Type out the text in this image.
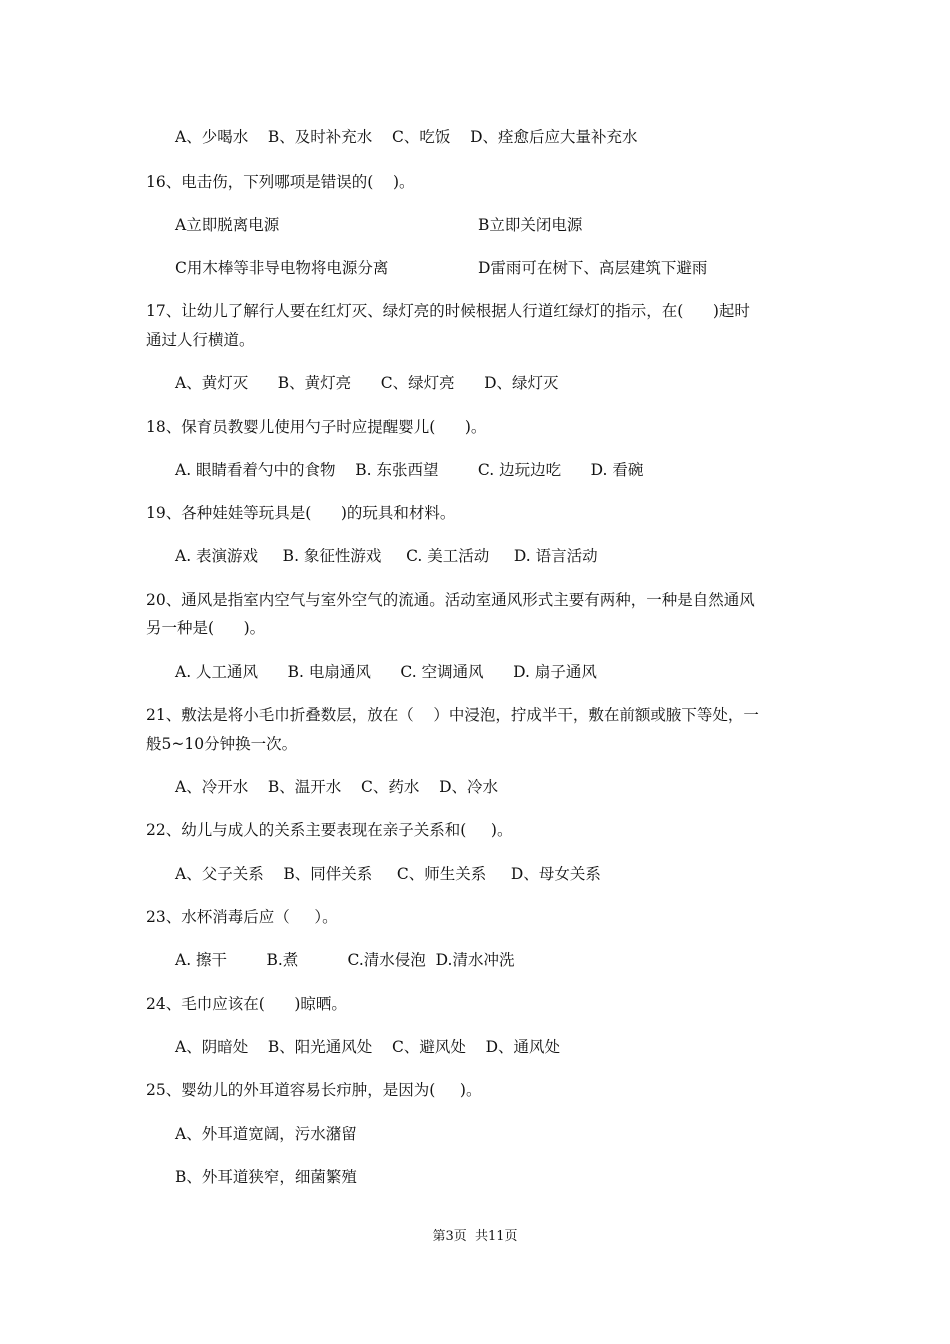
A、少喝水    B、及时补充水    C、吃饭    D、痊愈后应大量补充水
16、电击伤，下列哪项是错误的(    )。
A立即脱离电源	B立即关闭电源
C用木棒等非导电物将电源分离	D雷雨可在树下、高层建筑下避雨
17、让幼儿了解行人要在红灯灭、绿灯亮的时候根据人行道红绿灯的指示，在(      )起时
通过人行横道。
A、黄灯灭      B、黄灯亮      C、绿灯亮      D、绿灯灭
18、保育员教婴儿使用勺子时应提醒婴儿(      )。
A. 眼睛看着勺中的食物    B. 东张西望        C. 边玩边吃      D. 看碗
19、各种娃娃等玩具是(      )的玩具和材料。
A. 表演游戏     B. 象征性游戏     C. 美工活动     D. 语言活动
20、通风是指室内空气与室外空气的流通。活动室通风形式主要有两种，一种是自然通风
另一种是(      )。
A. 人工通风      B. 电扇通风      C. 空调通风      D. 扇子通风
21、敷法是将小毛巾折叠数层，放在（    ）中浸泡，拧成半干，敷在前额或腋下等处，一
般5~10分钟换一次。
A、冷开水    B、温开水    C、药水    D、冷水
22、幼儿与成人的关系主要表现在亲子关系和(     )。
A、父子关系    B、同伴关系     C、师生关系     D、母女关系
23、水杯消毒后应（     ）。
A. 擦干        B.煮          C.清水侵泡  D.清水冲洗
24、毛巾应该在(      )晾晒。
A、阴暗处    B、阳光通风处    C、避风处    D、通风处
25、婴幼儿的外耳道容易长疖肿，是因为(     )。
A、外耳道宽阔，污水潴留
B、外耳道狭窄，细菌繁殖
第3页  共11页
